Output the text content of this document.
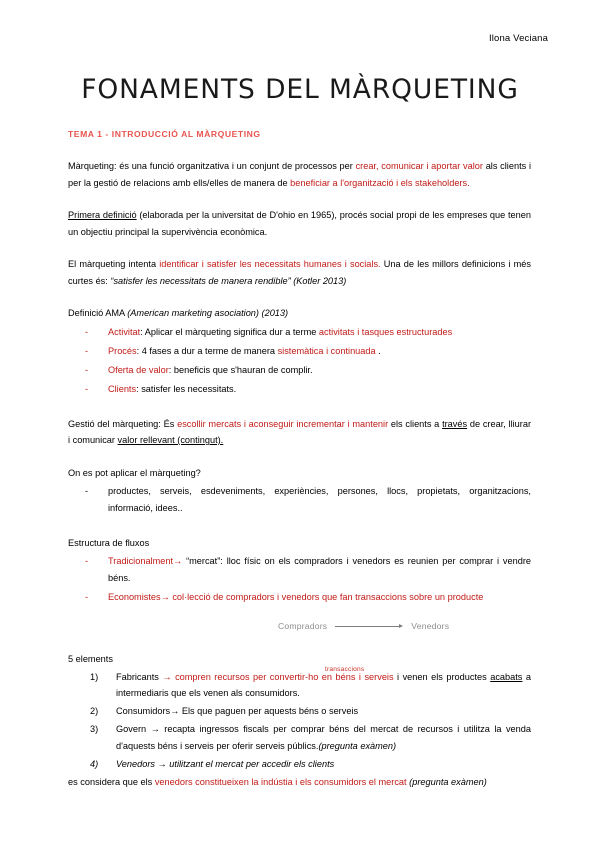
Ilona Veciana
FONAMENTS DEL MÀRQUETING
TEMA 1 - INTRODUCCIÓ AL MÀRQUETING

Màrqueting: és una funció organitzativa i un conjunt de processos per crear, comunicar i aportar valor als clients i per la gestió de relacions amb ells/elles de manera de beneficiar a l'organització i els stakeholders.

Primera definició (elaborada per la universitat de D'ohio en 1965), procés social propi de les empreses que tenen un objectiu principal la supervivència econòmica.

El màrqueting intenta identificar i satisfer les necessitats humanes i socials. Una de les millors definicions i més curtes és: “satisfer les necessitats de manera rendible” (Kotler 2013)

Definició AMA (American marketing asociation) (2013)

- Activitat: Aplicar el màrqueting significa dur a terme activitats i tasques estructurades
- Procés: 4 fases a dur a terme de manera sistemàtica i continuada .
- Oferta de valor: beneficis que s'hauran de complir.
- Clients: satisfer les necessitats.

Gestió del màrqueting: És escollir mercats i aconseguir incrementar i mantenir els clients a través de crear, lliurar i comunicar valor rellevant (contingut).

On es pot aplicar el màrqueting?

- productes, serveis, esdeveniments, experiències, persones, llocs, propietats, organitzacions, informació, idees..

Estructura de fluxos

- Tradicionalment→ “mercat”: lloc físic on els compradors i venedors es reunien per comprar i vendre béns.
- Economistes→ col·lecció de compradors i venedors que fan transaccions sobre un producte
Compradors	Venedors

5 elements

transaccions
Fabricants → compren recursos per convertir-ho en béns i serveis i venen els productes acabats a intermediaris que els venen als consumidors.
Consumidors→ Els que paguen per aquests béns o serveis
Govern → recapta ingressos fiscals per comprar béns del mercat de recursos i utilitza la venda d'aquests béns i serveis per oferir serveis públics.(pregunta exàmen)
Venedors → utilitzant el mercat per accedir els clients

es considera que els venedors constitueixen la indústia i els consumidors el mercat (pregunta exàmen)
